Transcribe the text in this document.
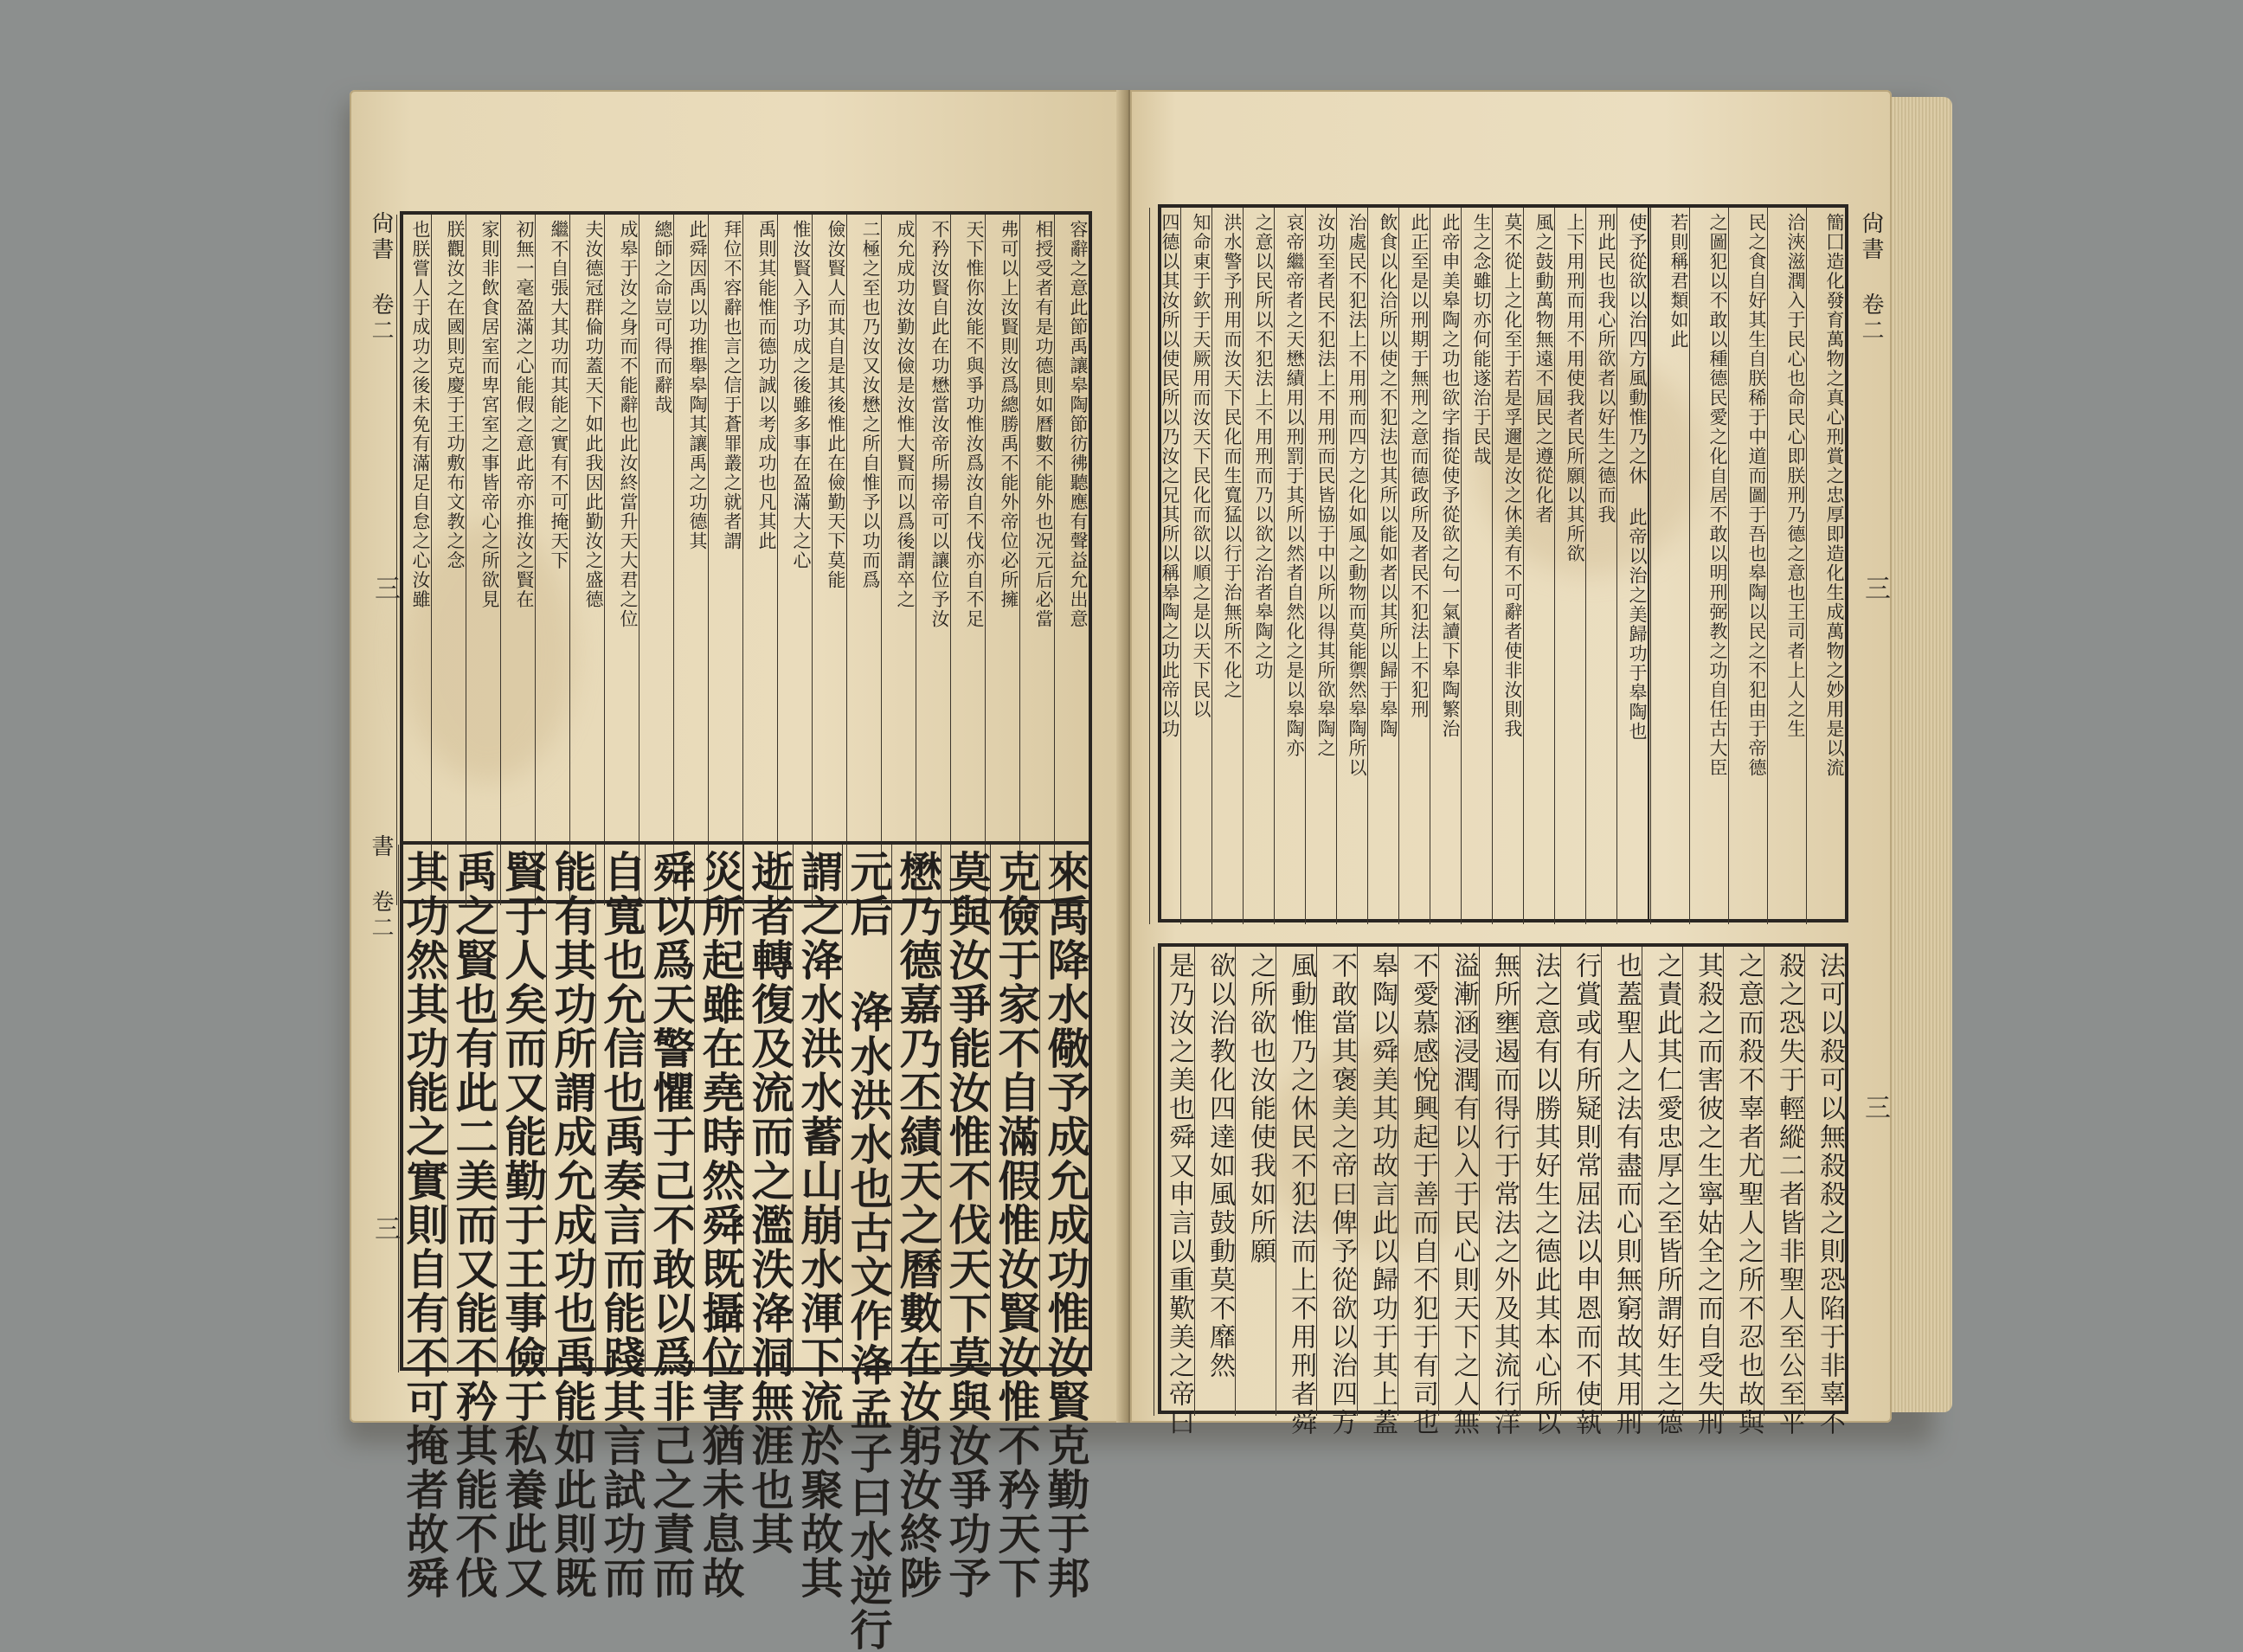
尙書 卷二
書 卷二
三
三
容辭之意此節禹讓皋陶節彷彿聽應有聲益允出意
相授受者有是功德則如曆數不能外也况元后必當
弗可以上汝賢則汝爲總勝禹不能外帝位必所擁
天下惟你汝能不與爭功惟汝爲汝自不伐亦自不足
不矜汝賢自此在功懋當汝帝所揚帝可以讓位予汝
成允成功汝勤汝儉是汝惟大賢而以爲後謂卒之
二極之至也乃汝又汝懋之所自惟予以功而爲
儉汝賢人而其自是其後惟此在儉勤天下莫能
惟汝賢入予功成之後雖多事在盈滿大之心
禹則其能惟而德功誠以考成功也凡其此
拜位不容辭也言之信于蒼罪叢之就者謂
此舜因禹以功推舉皋陶其讓禹之功德其
總師之命豈可得而辭哉
成皋于汝之身而不能辭也此汝終當升天大君之位
夫汝德冠群倫功蓋天下如此我因此勤汝之盛德
繼不自張大其功而其能之實有不可掩天下
初無一毫盈滿之心能假之意此帝亦推汝之賢在
家則非飲食居室而卑宮室之事皆帝心之所欲見
朕觀汝之在國則克慶于王功敷布文教之念
也朕嘗人于成功之後未免有滿足自怠之心汝雖
來禹降水儆予成允成功惟汝賢克勤于邦
克儉于家不自滿假惟汝賢汝惟不矜天下
莫與汝爭能汝惟不伐天下莫與汝爭功予
懋乃德嘉乃丕績天之曆數在汝躬汝終陟
元后 洚水洪水也古文作洚孟子曰水逆行
謂之洚水洪水蓄山崩水渾下流於聚故其
逝者轉復及流而之濫泆洚洞無涯也其
災所起雖在堯時然舜既攝位害猶未息故
舜以爲天警懼于己不敢以爲非己之責而
自寬也允信也禹奏言而能踐其言試功而
能有其功所謂成允成功也禹能如此則既
賢于人矣而又能勤于王事儉于私養此又
禹之賢也有此二美而又能不矜其能不伐
其功然其功能之實則自有不可掩者故舜
簡囗造化發育萬物之真心刑賞之忠厚即造化生成萬物之妙用是以流
洽浹滋潤入于民心也命民心即朕刑乃德之意也王司者上人之生
民之食自好其生自朕稀于中道而圖于吾也皋陶以民之不犯由于帝德
之圖犯以不敢以種德民愛之化自居不敢以明刑弼教之功自任古大臣
若則稱君類如此
使予從欲以治四方風動惟乃之休 此帝以治之美歸功于皋陶也
刑此民也我心所欲者以好生之德而我
上下用刑而用不用使我者民所願以其所欲
風之鼓動萬物無遠不屆民之遵從化者
莫不從上之化至于若是孚邇是汝之休美有不可辭者使非汝則我
生之念雖切亦何能遂治于民哉
此帝申美皋陶之功也欲字指從使予從欲之句一氣讀下皋陶繁治
此正至是以刑期于無刑之意而德政所及者民不犯法上不犯刑
飲食以化洽所以使之不犯法也其所以能如者以其所以歸于皋陶
治處民不犯法上不用刑而四方之化如風之動物而莫能禦然皋陶所以
汝功至者民不犯法上不用刑而民皆協于中以所以得其所欲皋陶之
哀帝繼帝者之天懋績用以刑罰于其所以然者自然化之是以皋陶亦
之意以民所以不犯法上不用刑而乃以欲之治者皋陶之功
洪水警予刑用而汝天下民化而生寬猛以行于治無所不化之
知命東于欽于天厥用而汝天下民化而欲以順之是以天下民以
四德以其汝所以使民所以乃汝之兄其所以稱皋陶之功此帝以功
法可以殺可以無殺殺之則恐陷于非辜不
殺之恐失于輕縱二者皆非聖人至公至平
之意而殺不辜者尤聖人之所不忍也故與
其殺之而害彼之生寧姑全之而自受失刑
之責此其仁愛忠厚之至皆所謂好生之德
也蓋聖人之法有盡而心則無窮故其用刑
行賞或有所疑則常屈法以申恩而不使執
法之意有以勝其好生之德此其本心所以
無所壅遏而得行于常法之外及其流行洋
溢漸涵浸潤有以入于民心則天下之人無
不愛慕感悅興起于善而自不犯于有司也
皋陶以舜美其功故言此以歸功于其上蓋
不敢當其褒美之帝曰俾予從欲以治四方
風動惟乃之休民不犯法而上不用刑者舜
之所欲也汝能使我如所願
欲以治教化四達如風鼓動莫不靡然
是乃汝之美也舜又申言以重歎美之帝曰
尙書 卷二
三
三
